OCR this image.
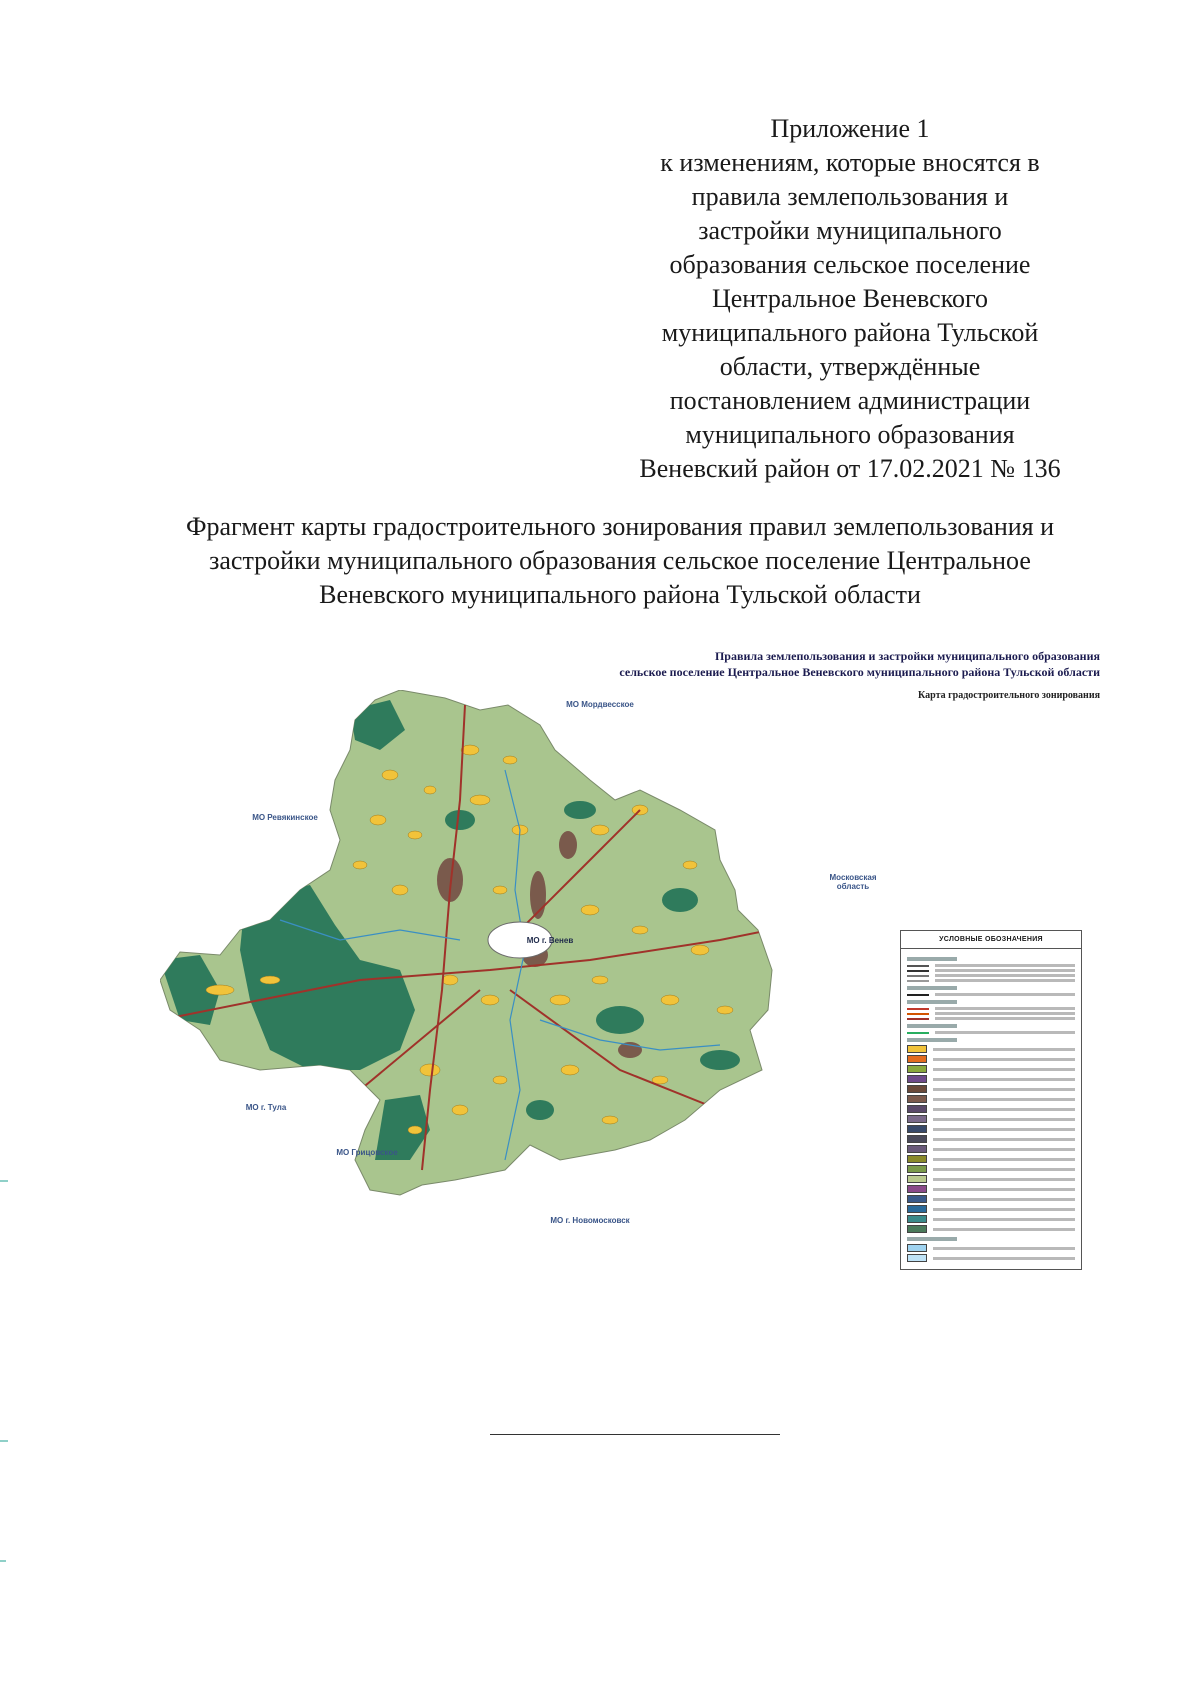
Приложение 1
к изменениям, которые вносятся в
правила землепользования и
застройки муниципального
образования сельское поселение
Центральное Веневского
муниципального района Тульской
области, утверждённые
постановлением администрации
муниципального образования
Веневский район от 17.02.2021 № 136
Фрагмент карты градостроительного зонирования правил землепользования и
застройки муниципального образования сельское поселение Центральное
Веневского муниципального района Тульской области
Правила землепользования и застройки муниципального образования
сельское поселение Центральное Веневского муниципального района Тульской области
Карта градостроительного зонирования
МО Мордвесское
МО Ревякинское
Московская
область
МО г. Тула
МО Грицовское
МО г. Новомосковск
МО г. Венев	УСЛОВНЫЕ ОБОЗНАЧЕНИЯ
